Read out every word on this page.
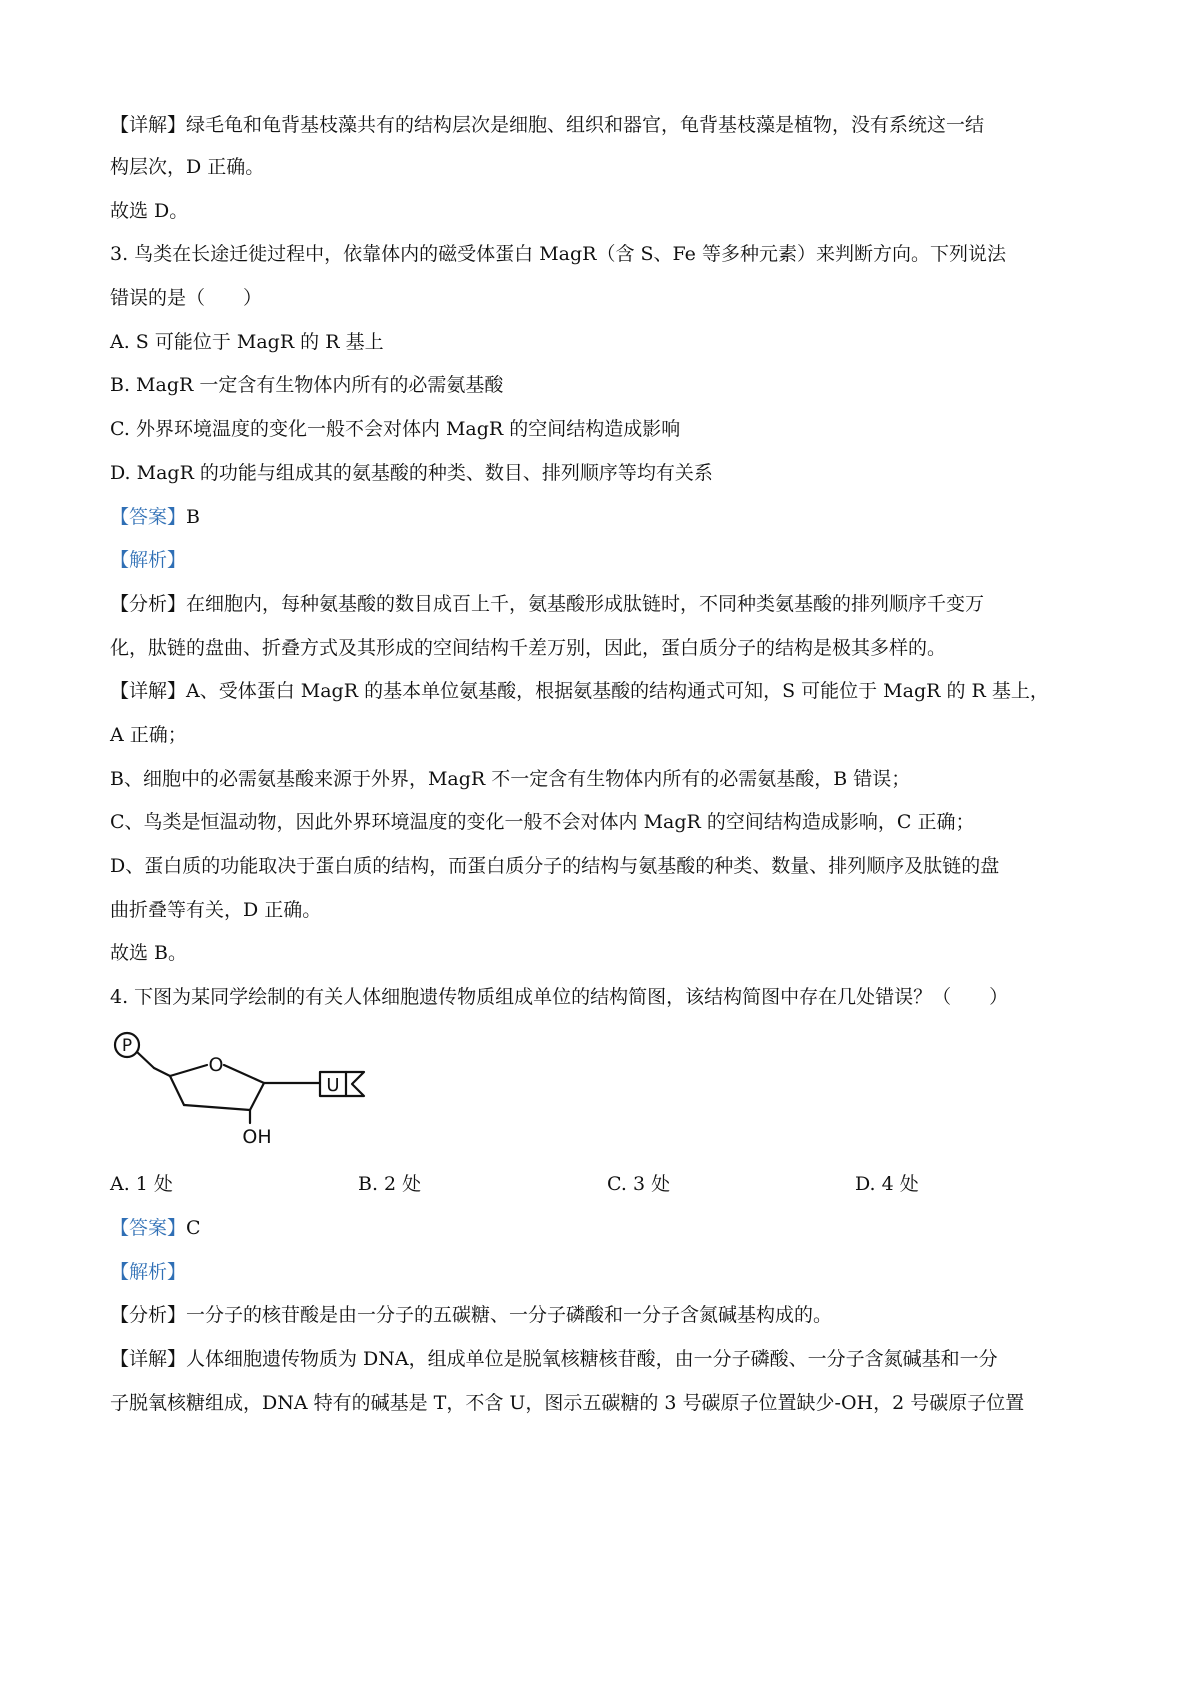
【详解】绿毛龟和龟背基枝藻共有的结构层次是细胞、组织和器官，龟背基枝藻是植物，没有系统这一结
构层次，D 正确。
故选 D。
3. 鸟类在长途迁徙过程中，依靠体内的磁受体蛋白 MagR（含 S、Fe 等多种元素）来判断方向。下列说法
错误的是（　　）
A. S 可能位于 MagR 的 R 基上
B. MagR 一定含有生物体内所有的必需氨基酸
C. 外界环境温度的变化一般不会对体内 MagR 的空间结构造成影响
D. MagR 的功能与组成其的氨基酸的种类、数目、排列顺序等均有关系
【答案】B
【解析】
【分析】在细胞内，每种氨基酸的数目成百上千，氨基酸形成肽链时，不同种类氨基酸的排列顺序千变万
化，肽链的盘曲、折叠方式及其形成的空间结构千差万别，因此，蛋白质分子的结构是极其多样的。
【详解】A、受体蛋白 MagR 的基本单位氨基酸，根据氨基酸的结构通式可知，S 可能位于 MagR 的 R 基上，
A 正确；
B、细胞中的必需氨基酸来源于外界，MagR 不一定含有生物体内所有的必需氨基酸，B 错误；
C、鸟类是恒温动物，因此外界环境温度的变化一般不会对体内 MagR 的空间结构造成影响，C 正确；
D、蛋白质的功能取决于蛋白质的结构，而蛋白质分子的结构与氨基酸的种类、数量、排列顺序及肽链的盘
曲折叠等有关，D 正确。
故选 B。
4. 下图为某同学绘制的有关人体细胞遗传物质组成单位的结构简图，该结构简图中存在几处错误？（　　）
P
O
U
OH
A. 1 处	B. 2 处	C. 3 处	D. 4 处
【答案】C
【解析】
【分析】一分子的核苷酸是由一分子的五碳糖、一分子磷酸和一分子含氮碱基构成的。
【详解】人体细胞遗传物质为 DNA，组成单位是脱氧核糖核苷酸，由一分子磷酸、一分子含氮碱基和一分
子脱氧核糖组成，DNA 特有的碱基是 T，不含 U，图示五碳糖的 3 号碳原子位置缺少-OH，2 号碳原子位置
